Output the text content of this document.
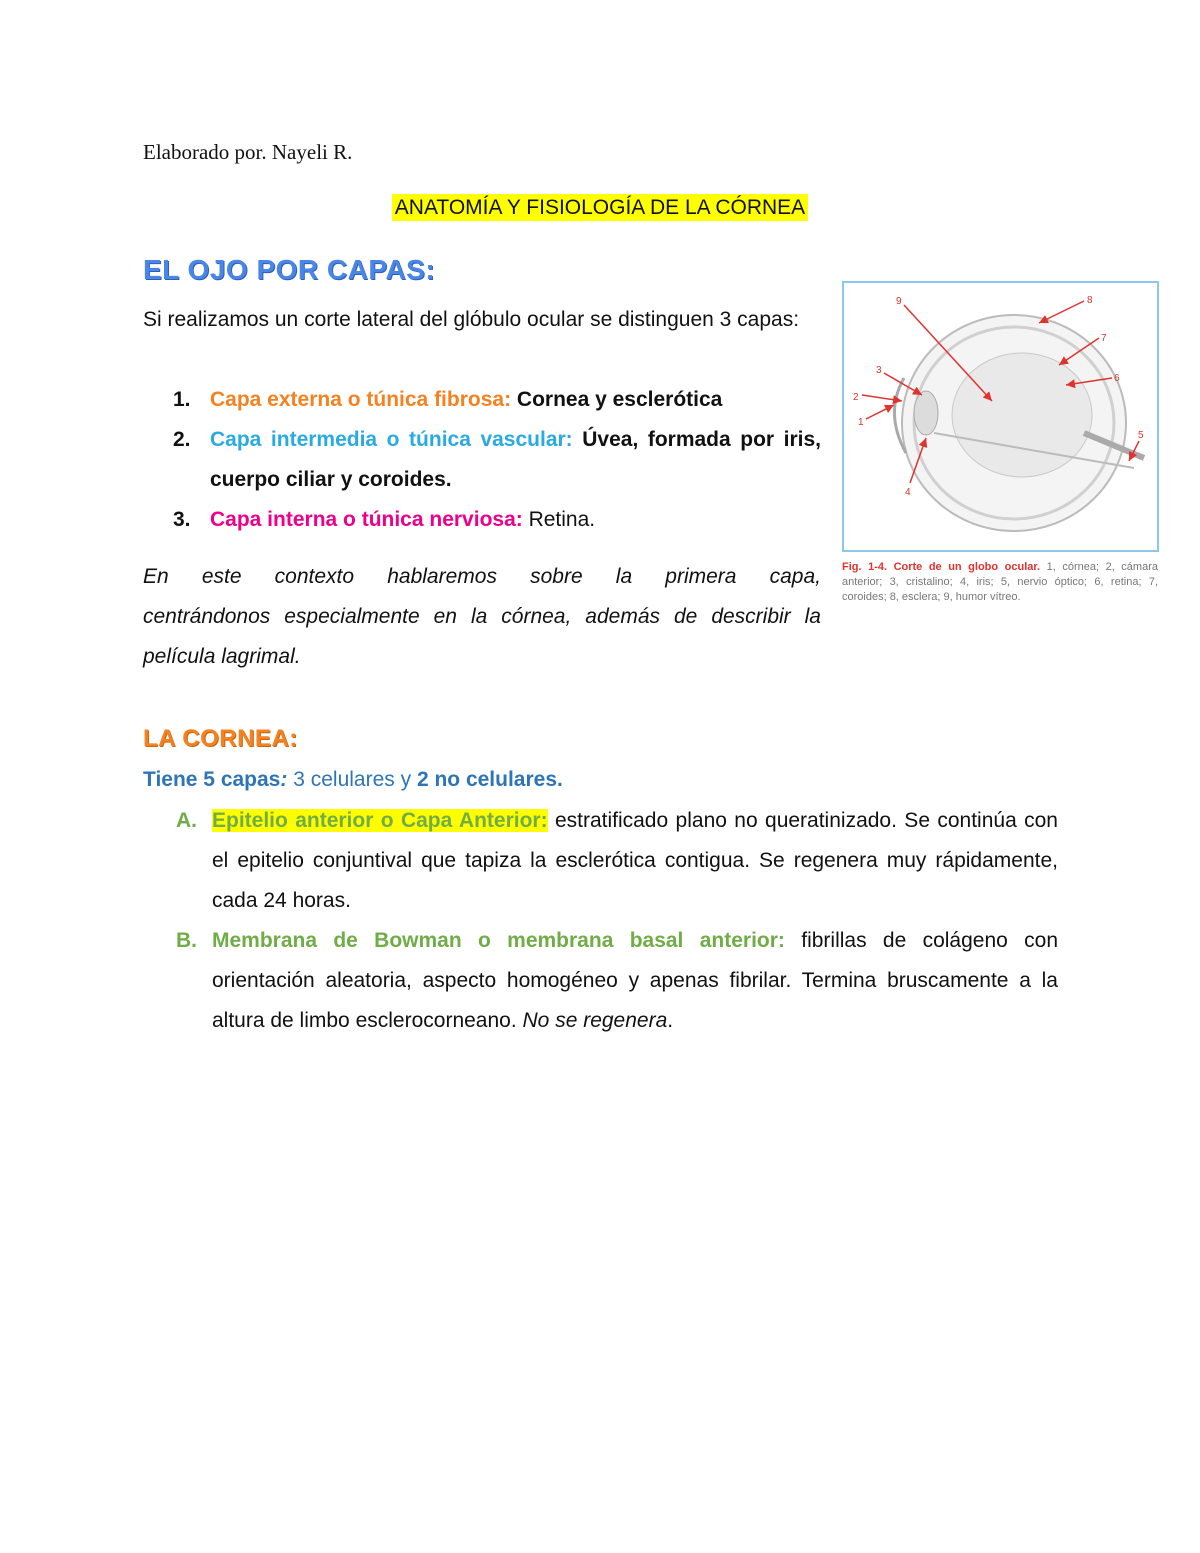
Elaborado por. Nayeli R.
ANATOMÍA Y FISIOLOGÍA DE LA CÓRNEA
EL OJO POR CAPAS:
Si realizamos un corte lateral del glóbulo ocular se distinguen 3 capas:
1. Capa externa o túnica fibrosa: Cornea y esclerótica
2. Capa intermedia o túnica vascular: Úvea, formada por iris, cuerpo ciliar y coroides.
3. Capa interna o túnica nerviosa: Retina.
En este contexto hablaremos sobre la primera capa,
centrándonos especialmente en la córnea, además de describir la película lagrimal.
1
2
3
4
5
6
7
8
9
Fig. 1-4. Corte de un globo ocular. 1, córnea; 2, cámara anterior; 3, cristalino; 4, iris; 5, nervio óptico; 6, retina; 7, coroides; 8, esclera; 9, humor vítreo.
LA CORNEA:
Tiene 5 capas: 3 celulares y 2 no celulares.
A. Epitelio anterior o Capa Anterior: estratificado plano no queratinizado. Se continúa con el epitelio conjuntival que tapiza la esclerótica contigua. Se regenera muy rápidamente, cada 24 horas.
B. Membrana de Bowman o membrana basal anterior: fibrillas de colágeno con orientación aleatoria, aspecto homogéneo y apenas fibrilar. Termina bruscamente a la altura de limbo esclerocorneano. No se regenera.
